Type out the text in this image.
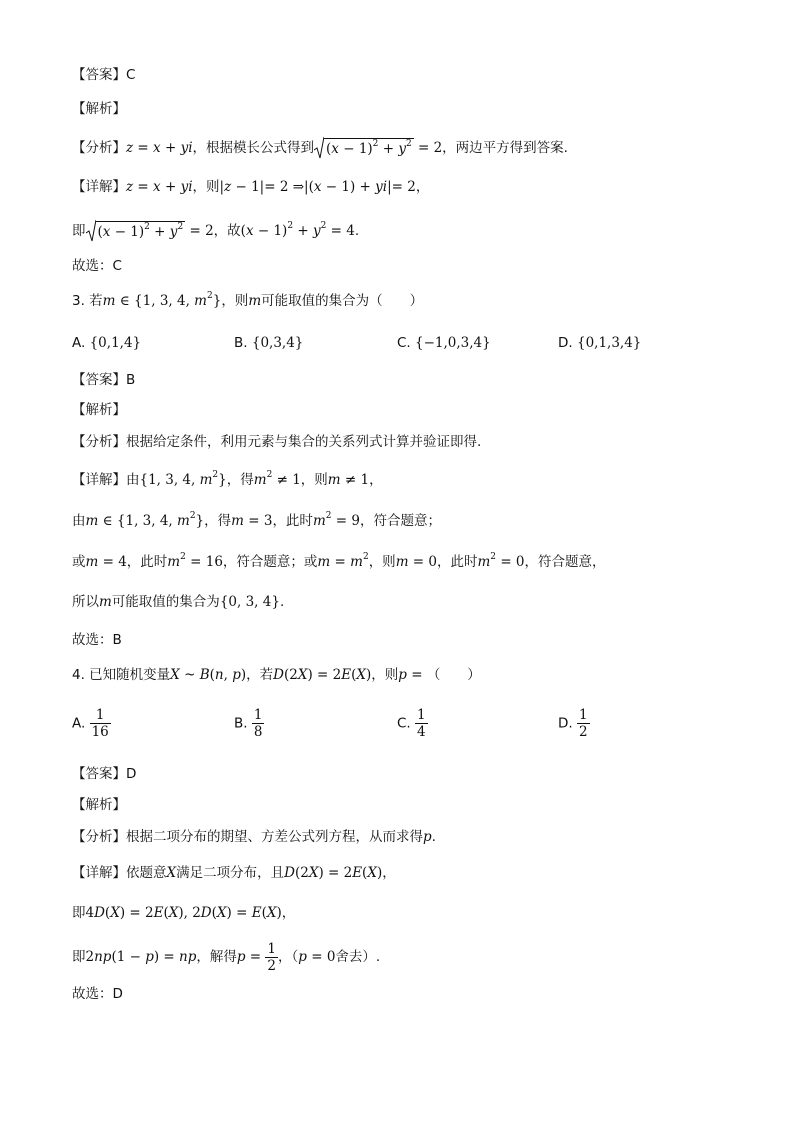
【答案】C
【解析】
【分析】z = x + yi，根据模长公式得到 $(x - 1)^2 + y^2 = 2$，两边平方得到答案.
【详解】z = x + yi，则|z − 1|= 2 ⇒|(x − 1) + yi|= 2，
即 $(x - 1)^2 + y^2 = 2$，故$(x - 1)^2 + y^2 = 4$.
故选：C
3. 若m ∈ {1, 3, 4, $m^2$}，则m可能取值的集合为（　　）
A. {0,1,4}	B. {0,3,4}	C. {−1,0,3,4}	D. {0,1,3,4}
【答案】B
【解析】
【分析】根据给定条件，利用元素与集合的关系列式计算并验证即得.
【详解】由{1, 3, 4, $m^2$}，得$m^2 \ne 1$，则m ≠ 1，
由m ∈ {1, 3, 4, $m^2$}，得m = 3，此时$m^2 = 9$，符合题意；
或m = 4，此时$m^2 = 16$，符合题意；或$m = m^2$，则m = 0，此时$m^2 = 0$，符合题意，
所以m可能取值的集合为{0, 3, 4}.
故选：B
4. 已知随机变量X ~ B(n, p)，若D(2X) = 2E(X)，则p = （　　）
A. $\frac{1}{16}$	B. $\frac{1}{8}$	C. $\frac{1}{4}$	D. $\frac{1}{2}$
【答案】D
【解析】
【分析】根据二项分布的期望、方差公式列方程，从而求得p.
【详解】依题意X满足二项分布，且D(2X) = 2E(X)，
即4D(X) = 2E(X), 2D(X) = E(X)，
即2np(1 − p) = np，解得$p = \frac{1}{2}$ ，（p = 0舍去）.
故选：D
